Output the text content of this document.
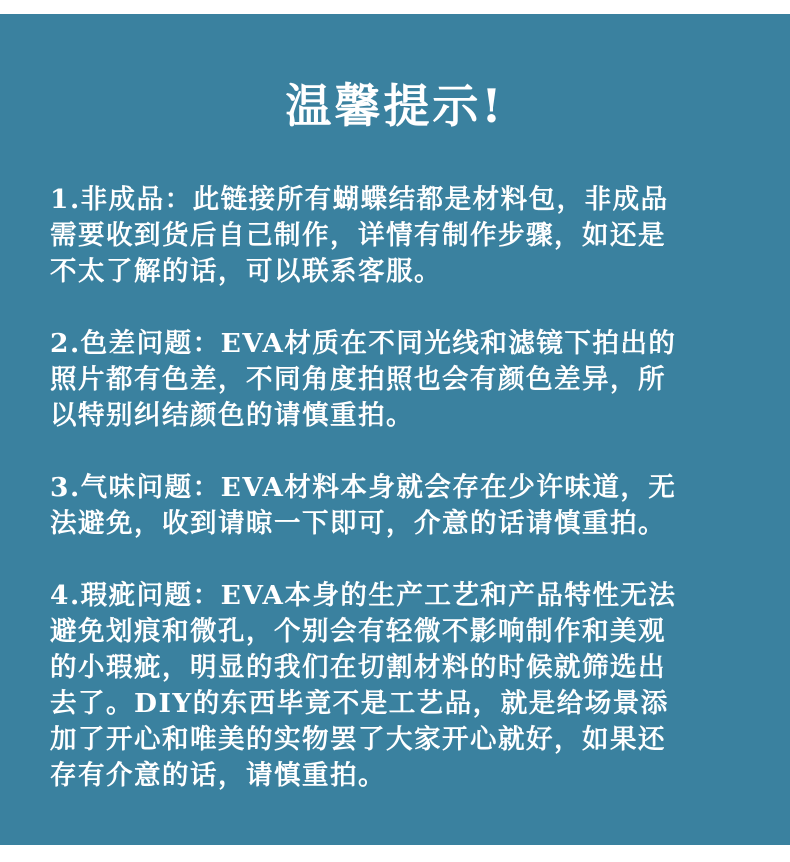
温馨提示!
1.非成品：此链接所有蝴蝶结都是材料包，非成品
需要收到货后自己制作，详情有制作步骤，如还是
不太了解的话，可以联系客服。
2.色差问题：EVA材质在不同光线和滤镜下拍出的
照片都有色差，不同角度拍照也会有颜色差异，所
以特别纠结颜色的请慎重拍。
3.气味问题：EVA材料本身就会存在少许味道，无
法避免，收到请晾一下即可，介意的话请慎重拍。
4.瑕疵问题：EVA本身的生产工艺和产品特性无法
避免划痕和微孔，个别会有轻微不影响制作和美观
的小瑕疵，明显的我们在切割材料的时候就筛选出
去了。DIY的东西毕竟不是工艺品，就是给场景添
加了开心和唯美的实物罢了大家开心就好，如果还
存有介意的话，请慎重拍。
